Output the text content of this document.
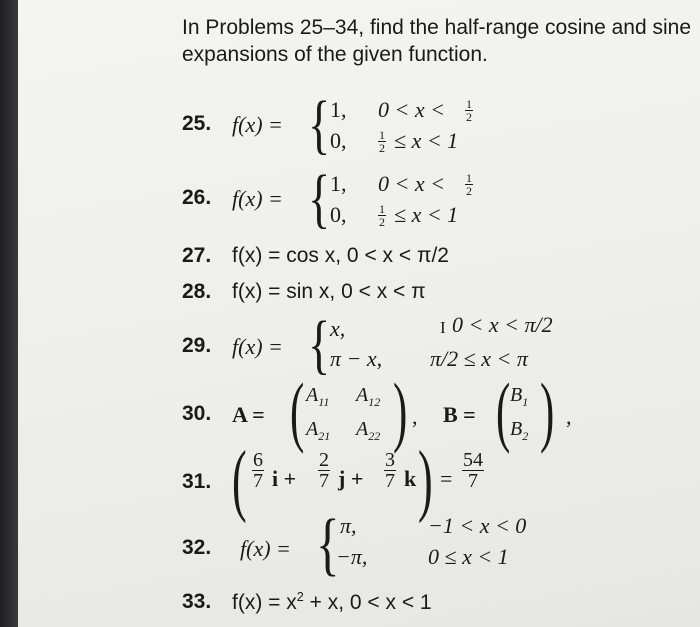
In Problems 25–34, find the half-range cosine and sine expansions of the given function.

25. f(x) = { 1,
0,
$0 < x < \frac{1}{2}$
$\frac{1}{2} \le x < 1$
26. f(x) = { 1,
0,
$0 < x < \frac{1}{2}$
$\frac{1}{2} \le x < 1$
27. f(x) = cos x, 0 < x < π/2
28. f(x) = sin x, 0 < x < π
29. f(x) = { x,
π − x,
I 0 < x < π/2
π/2 ≤ x < π
30. A = ( $A_{11}$ $A_{12}$
$A_{21}$ $A_{22}$ ) , B = ( $B_1$
$B_2$ ) ,
31. ( $\frac{6}{7}$ $i + \frac{2}{7}$ $j + \frac{3}{7}$ k ) = $\frac{54}{7}$
32. f(x) = { π,
−π,
−1 < x < 0
0 ≤ x < 1
33. $f(x) = x^2 + x$, 0 < x < 1
